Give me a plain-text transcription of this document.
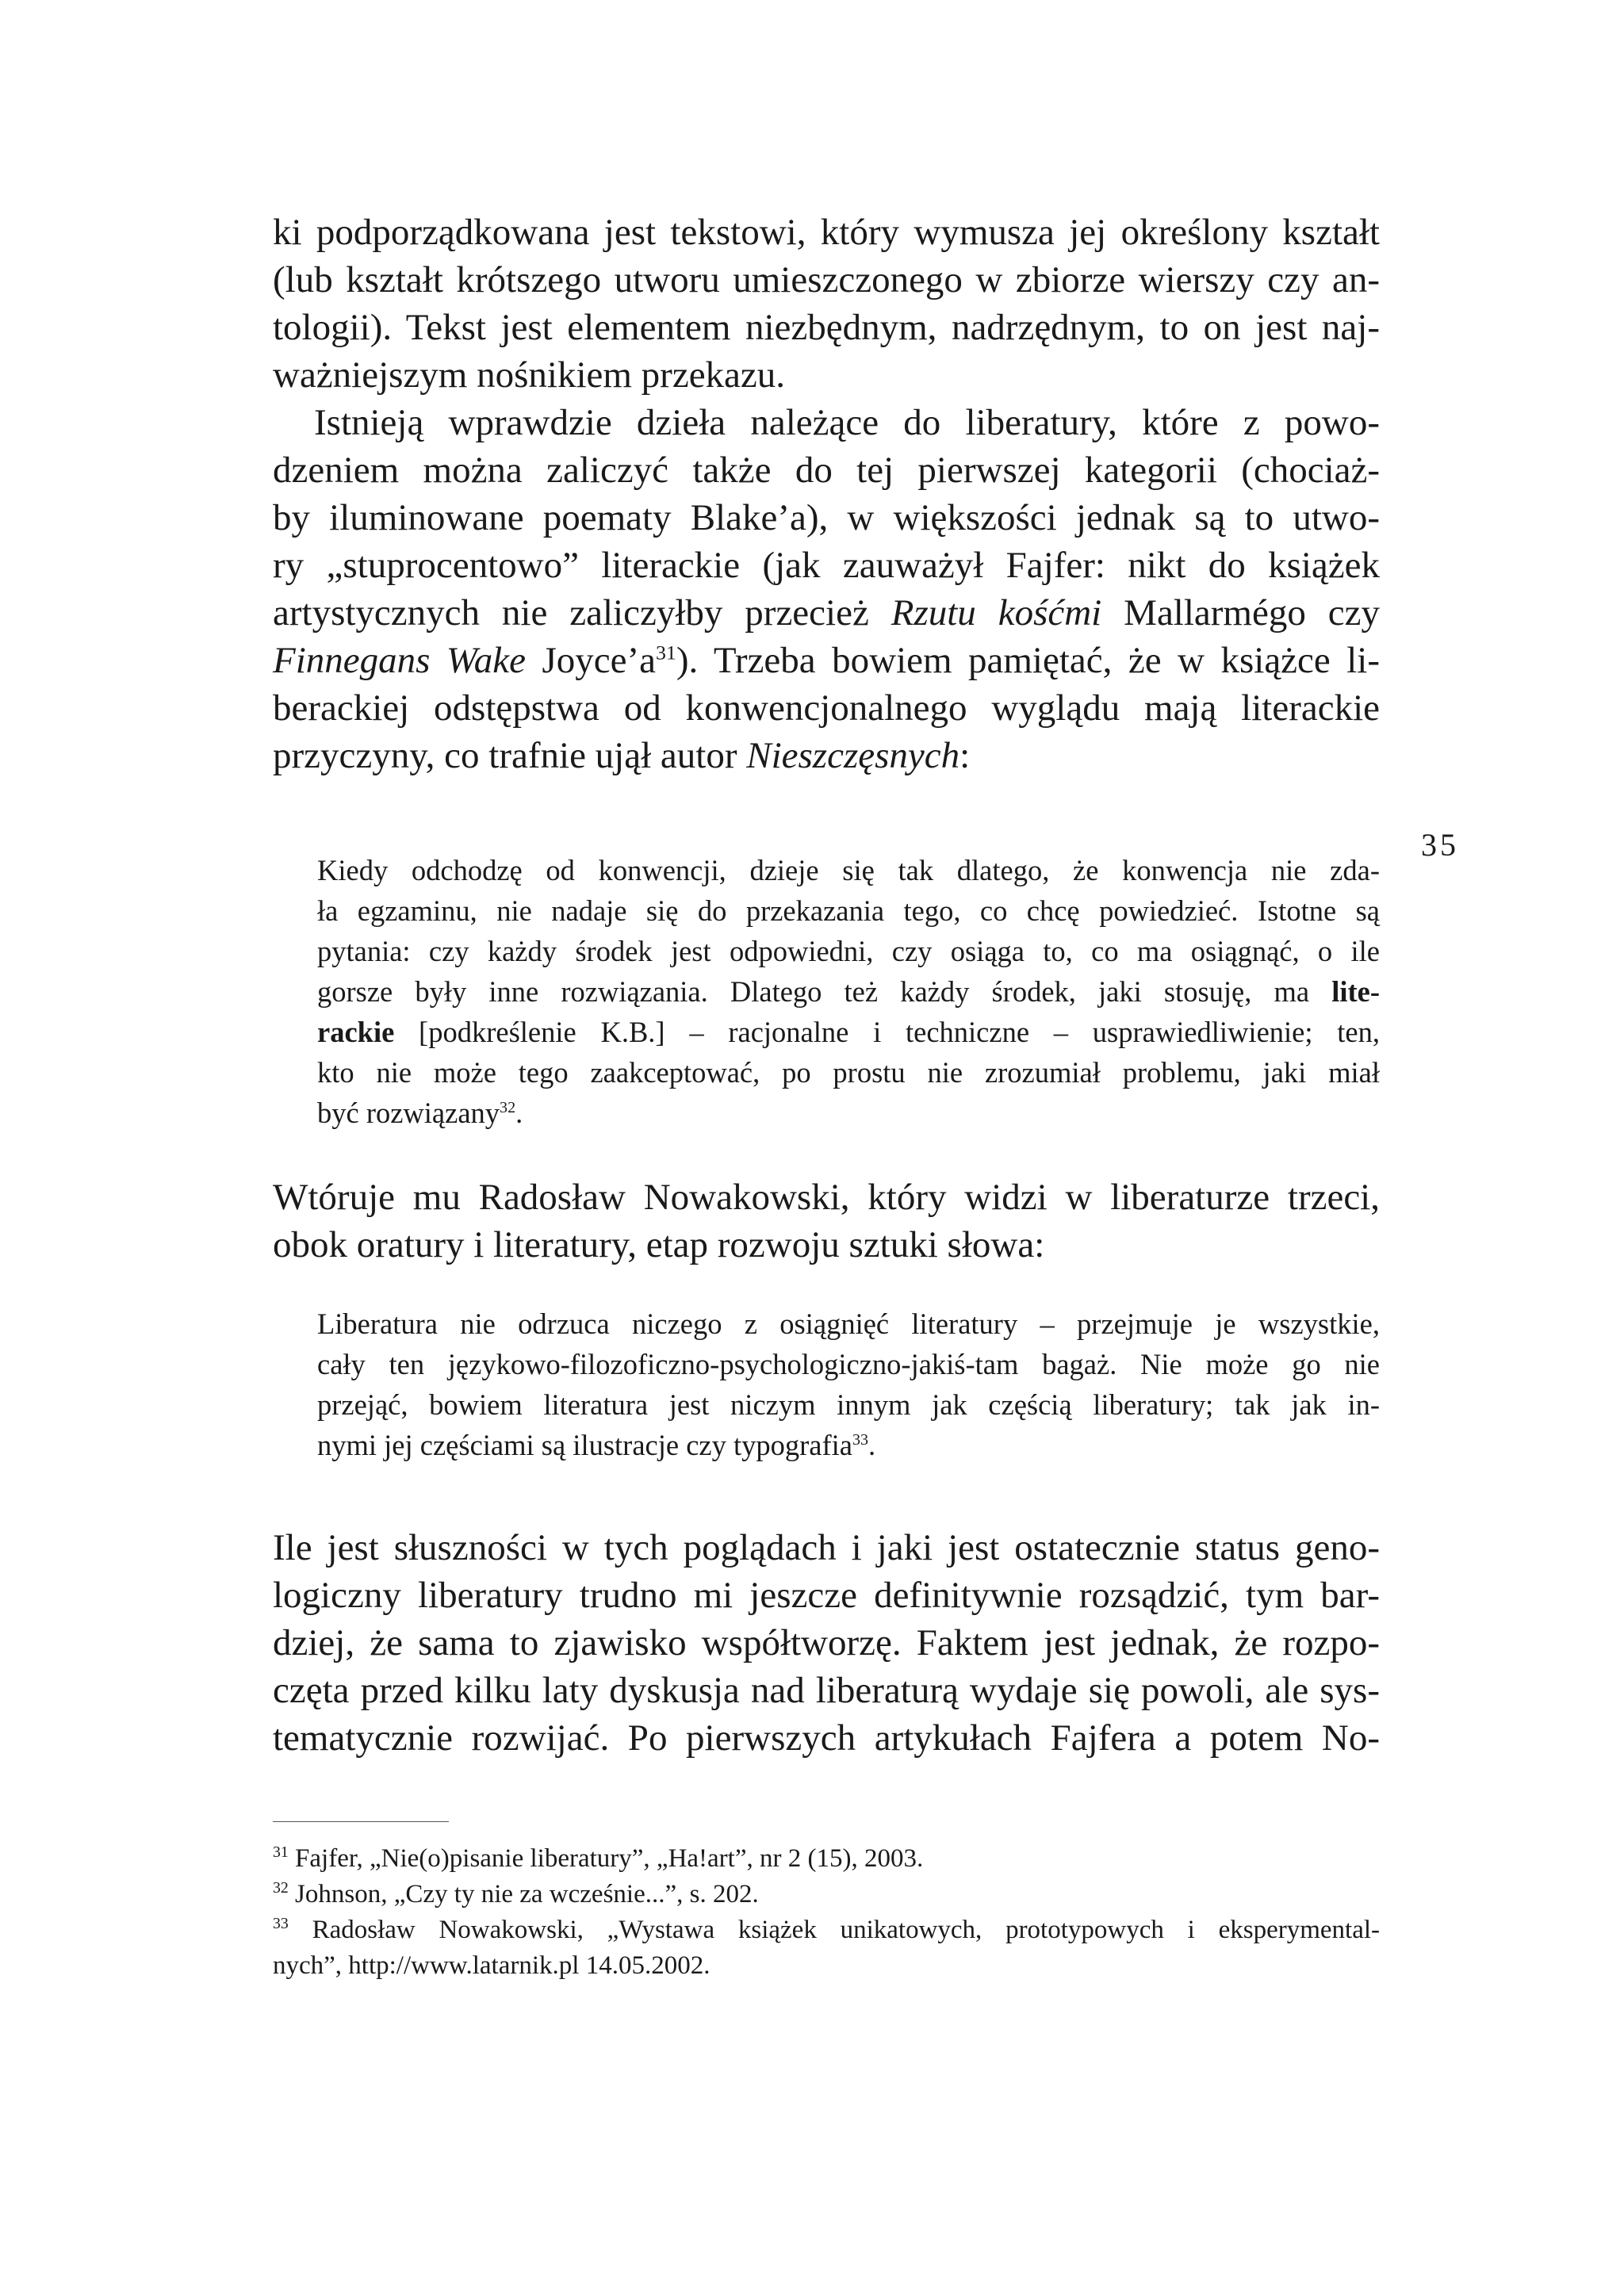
ki podporządkowana jest tekstowi, który wymusza jej określony kształt
(lub kształt krótszego utworu umieszczonego w zbiorze wierszy czy an-
tologii). Tekst jest elementem niezbędnym, nadrzędnym, to on jest naj-
ważniejszym nośnikiem przekazu.

Istnieją wprawdzie dzieła należące do liberatury, które z powo-
dzeniem można zaliczyć także do tej pierwszej kategorii (chociaż-
by iluminowane poematy Blake’a), w większości jednak są to utwo-
ry „stuprocentowo” literackie (jak zauważył Fajfer: nikt do książek
artystycznych nie zaliczyłby przecież Rzutu kośćmi Mallarmégo czy
Finnegans Wake $Joyce’a^{31}$). Trzeba bowiem pamiętać, że w książce li-
berackiej odstępstwa od konwencjonalnego wyglądu mają literackie
przyczyny, co trafnie ujął autor Nieszczęsnych:

35

Kiedy odchodzę od konwencji, dzieje się tak dlatego, że konwencja nie zda-
ła egzaminu, nie nadaje się do przekazania tego, co chcę powiedzieć. Istotne są
pytania: czy każdy środek jest odpowiedni, czy osiąga to, co ma osiągnąć, o ile
gorsze były inne rozwiązania. Dlatego też każdy środek, jaki stosuję, ma lite-
rackie [podkreślenie K.B.] – racjonalne i techniczne – usprawiedliwienie; ten,
kto nie może tego zaakceptować, po prostu nie zrozumiał problemu, jaki miał
być rozwiązany$^{32}$.

Wtóruje mu Radosław Nowakowski, który widzi w liberaturze trzeci,
obok oratury i literatury, etap rozwoju sztuki słowa:

Liberatura nie odrzuca niczego z osiągnięć literatury – przejmuje je wszystkie,
cały ten językowo-filozoficzno-psychologiczno-jakiś-tam bagaż. Nie może go nie
przejąć, bowiem literatura jest niczym innym jak częścią liberatury; tak jak in-
nymi jej częściami są ilustracje czy typografia$^{33}$.

Ile jest słuszności w tych poglądach i jaki jest ostatecznie status geno-
logiczny liberatury trudno mi jeszcze definitywnie rozsądzić, tym bar-
dziej, że sama to zjawisko współtworzę. Faktem jest jednak, że rozpo-
częta przed kilku laty dyskusja nad liberaturą wydaje się powoli, ale sys-
tematycznie rozwijać. Po pierwszych artykułach Fajfera a potem No-

$^{31}$ Fajfer, „Nie(o)pisanie liberatury”, „Ha!art”, nr 2 (15), 2003.
$^{32}$ Johnson, „Czy ty nie za wcześnie...”, s. 202.
$^{33}$ Radosław Nowakowski, „Wystawa książek unikatowych, prototypowych i eksperymental-
nych”, http://www.latarnik.pl 14.05.2002.
